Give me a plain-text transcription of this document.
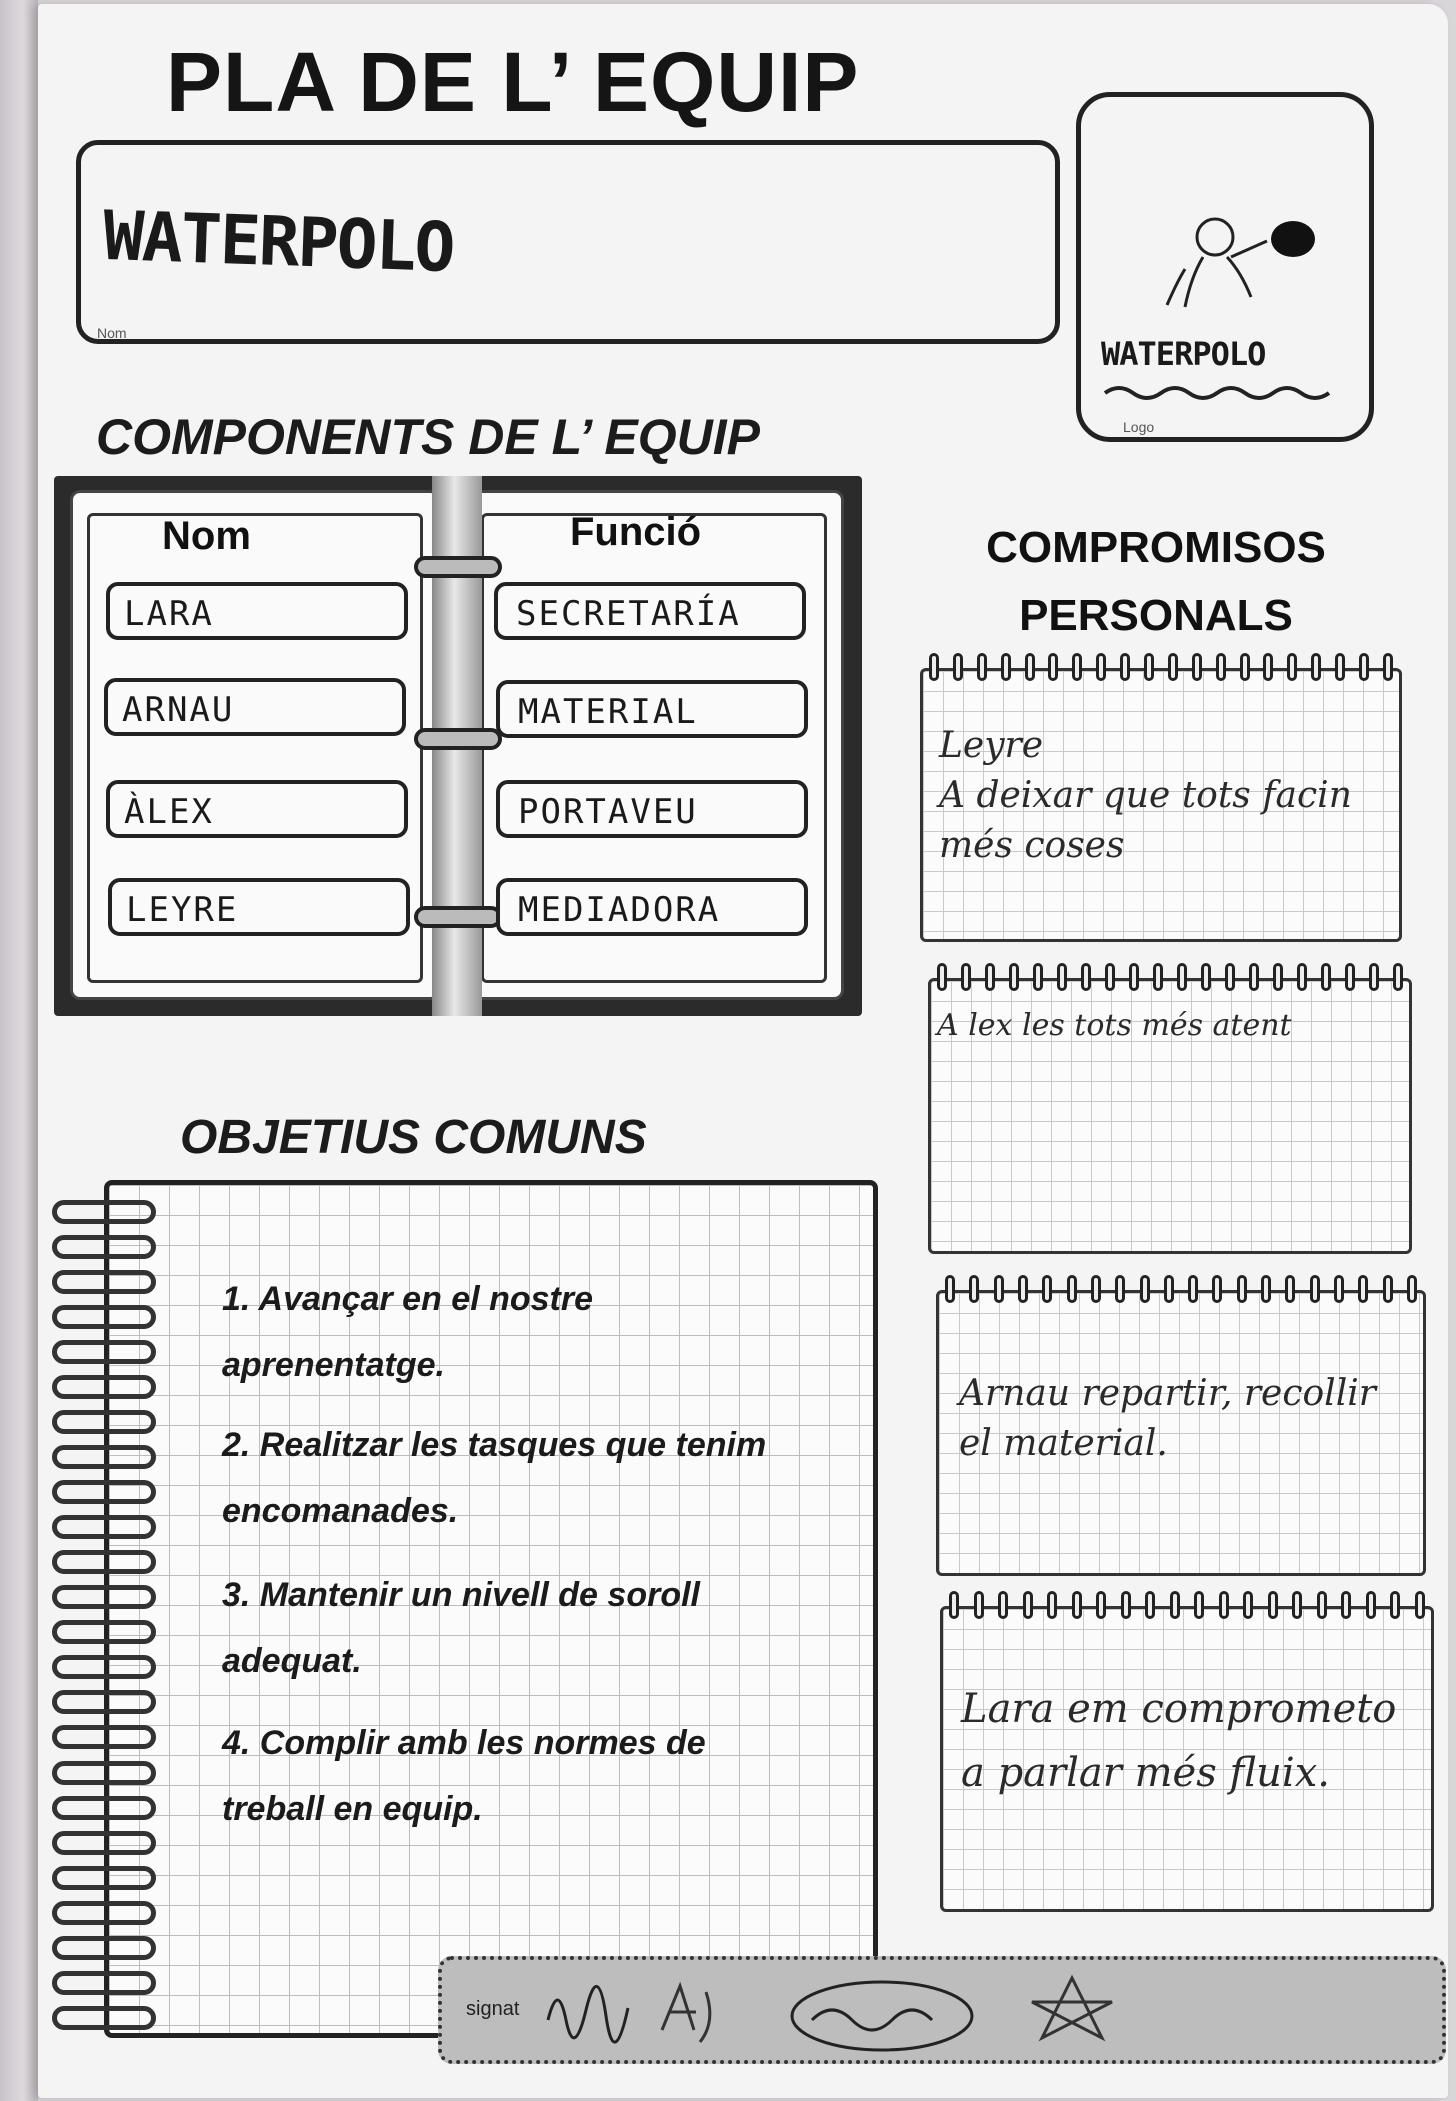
PLA DE L’ EQUIP
WATERPOLO
Nom
WATERPOLO
Logo
COMPONENTS DE L’ EQUIP
Nom	Funció
LARA
ARNAU
ÀLEX
LEYRE
SECRETARÍA
MATERIAL
PORTAVEU
MEDIADORA
COMPROMISOS
PERSONALS
Leyre
A deixar que tots facin més coses
A lex les tots més atent
Arnau repartir, recollir el material.
Lara em comprometo a parlar més fluix.
OBJETIUS COMUNS
1. Avançar en el nostre aprenentatge.
2. Realitzar les tasques que tenim encomanades.
3. Mantenir un nivell de soroll adequat.
4. Complir amb les normes de treball en equip.
signat
